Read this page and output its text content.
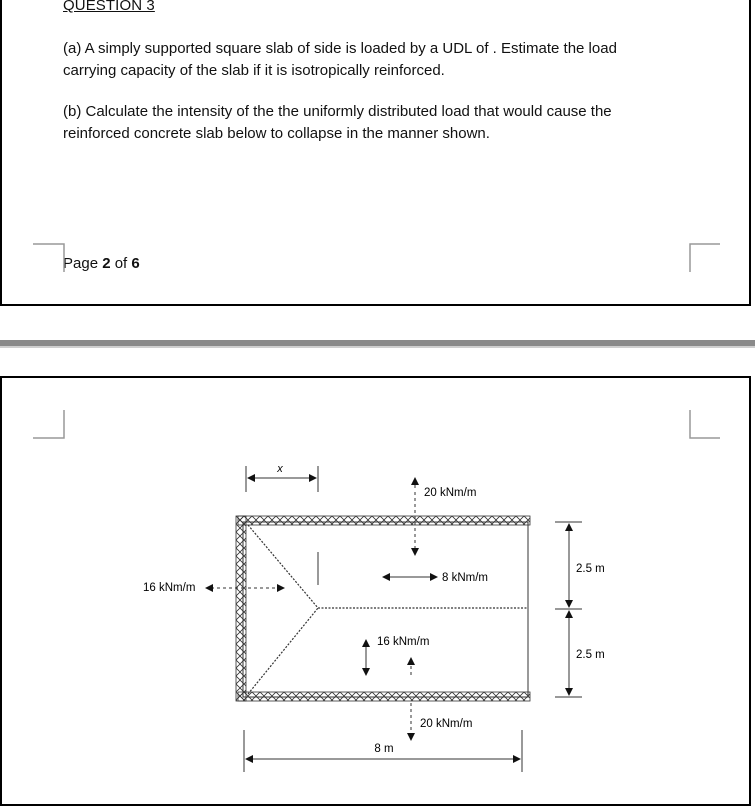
QUESTION 3
(a) A simply supported square slab of side is loaded by a UDL of . Estimate the load
carrying capacity of the slab if it is isotropically reinforced.
(b) Calculate the intensity of the the uniformly distributed load that would cause the
reinforced concrete slab below to collapse in the manner shown.
Page 2 of 6
x
20 kNm/m
8 kNm/m
16 kNm/m
16 kNm/m
20 kNm/m
2.5 m
2.5 m
8 m
